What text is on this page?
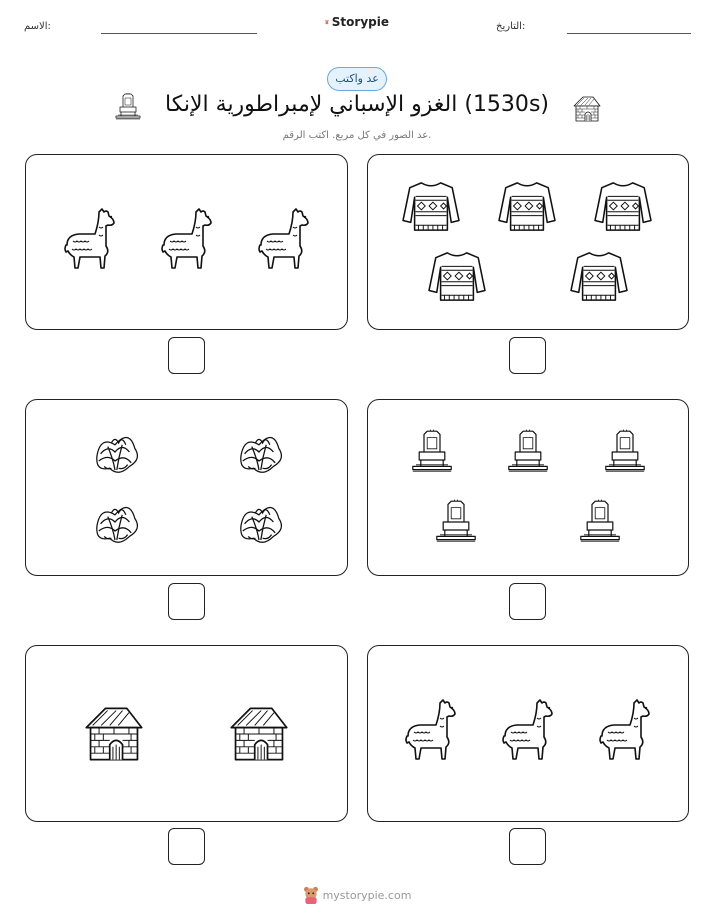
الاسم:	Storypie	التاريخ:
عد واكتب
الغزو الإسباني لإمبراطورية الإنكا (1530s)
عد الصور في كل مربع. اكتب الرقم.
mystorypie.com
